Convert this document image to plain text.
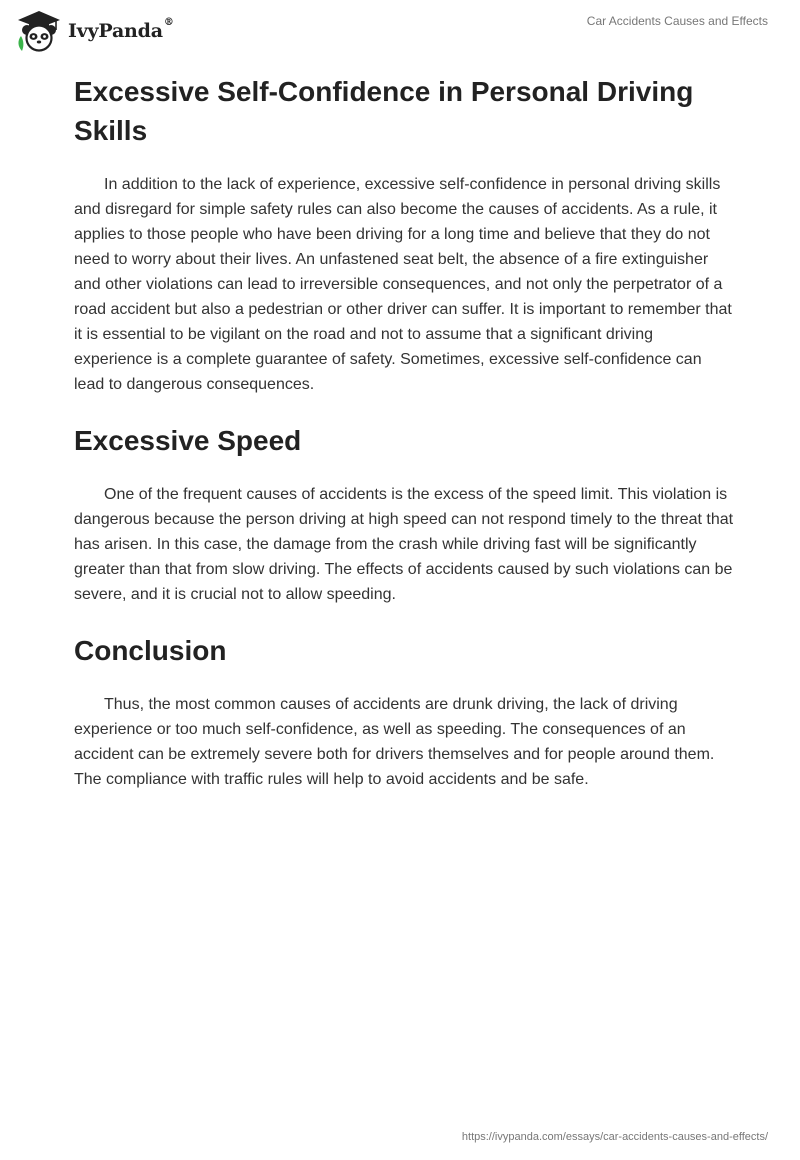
IvyPanda®	Car Accidents Causes and Effects
Excessive Self-Confidence in Personal Driving Skills

In addition to the lack of experience, excessive self-confidence in personal driving skills and disregard for simple safety rules can also become the causes of accidents. As a rule, it applies to those people who have been driving for a long time and believe that they do not need to worry about their lives. An unfastened seat belt, the absence of a fire extinguisher and other violations can lead to irreversible consequences, and not only the perpetrator of a road accident but also a pedestrian or other driver can suffer. It is important to remember that it is essential to be vigilant on the road and not to assume that a significant driving experience is a complete guarantee of safety. Sometimes, excessive self-confidence can lead to dangerous consequences.

Excessive Speed

One of the frequent causes of accidents is the excess of the speed limit. This violation is dangerous because the person driving at high speed can not respond timely to the threat that has arisen. In this case, the damage from the crash while driving fast will be significantly greater than that from slow driving. The effects of accidents caused by such violations can be severe, and it is crucial not to allow speeding.

Conclusion

Thus, the most common causes of accidents are drunk driving, the lack of driving experience or too much self-confidence, as well as speeding. The consequences of an accident can be extremely severe both for drivers themselves and for people around them. The compliance with traffic rules will help to avoid accidents and be safe.

https://ivypanda.com/essays/car-accidents-causes-and-effects/
